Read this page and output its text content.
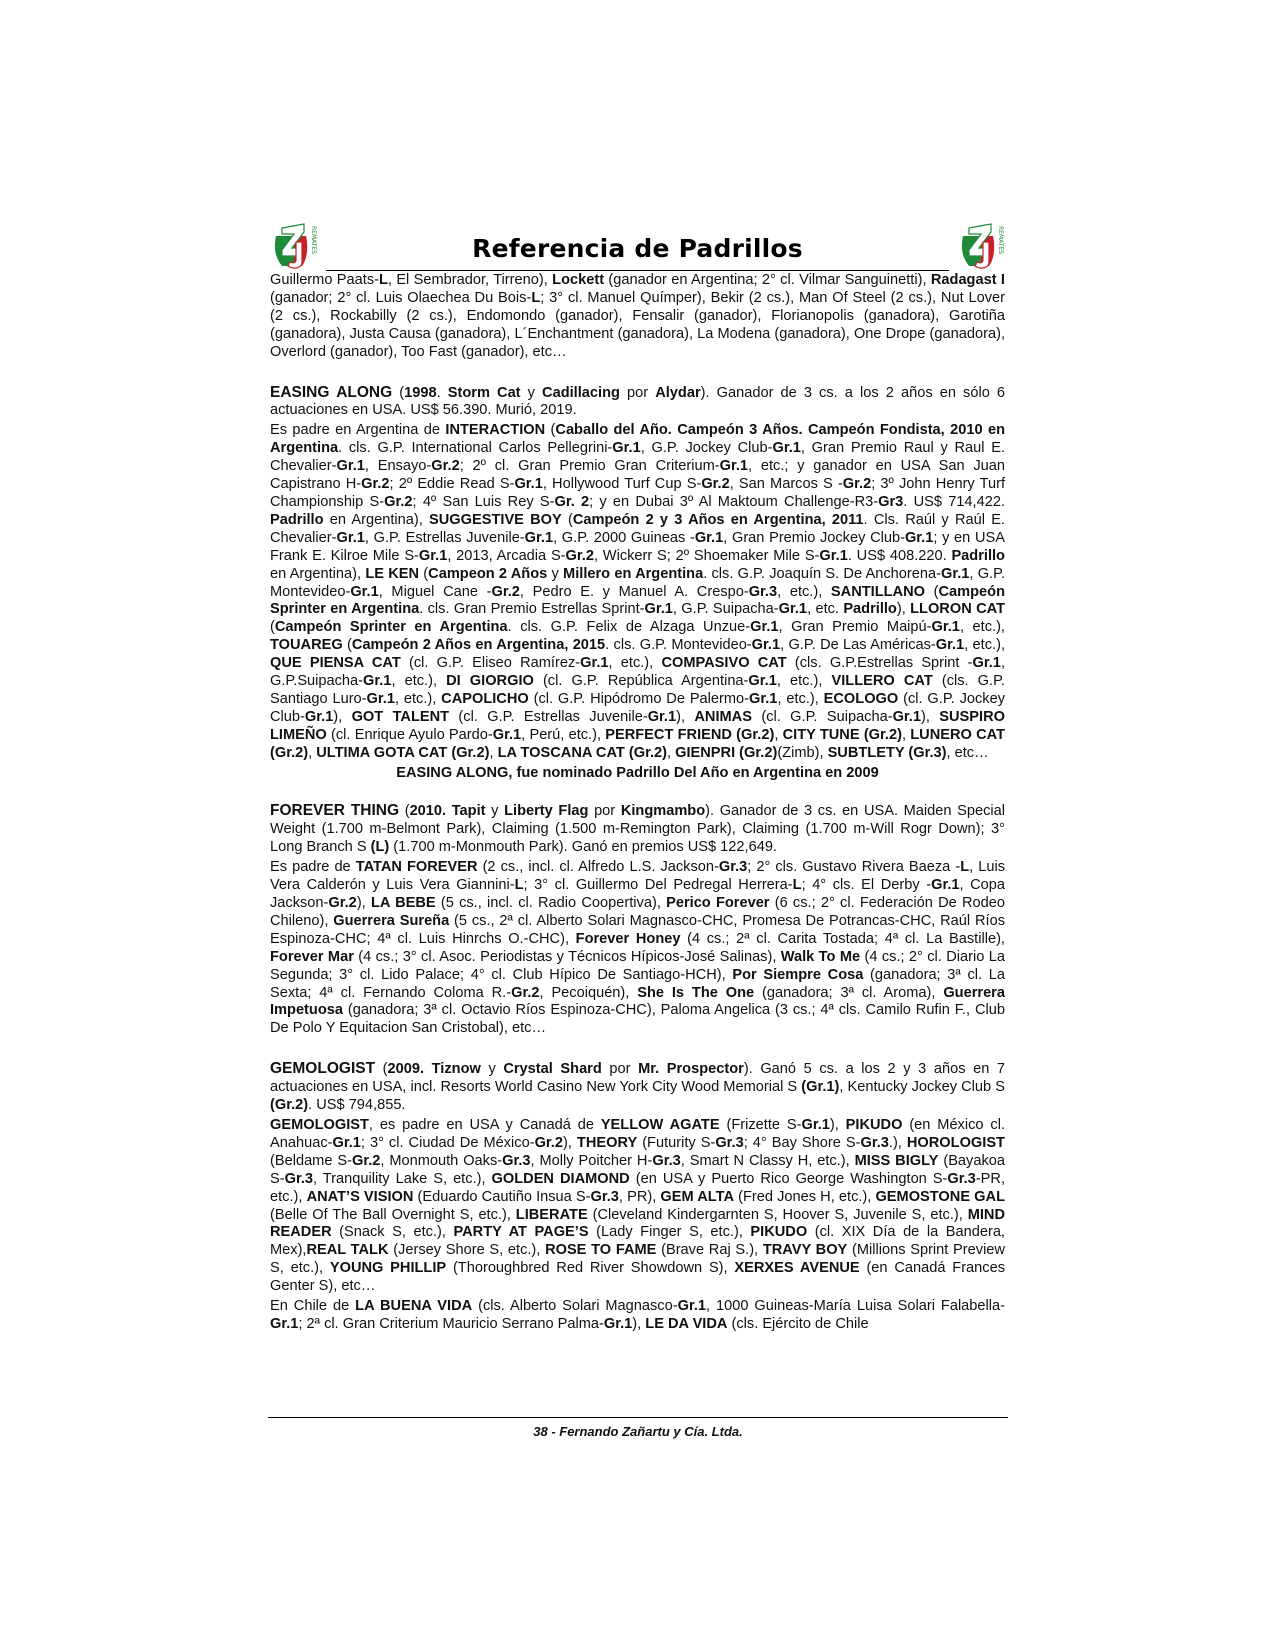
REMATES	Referencia de Padrillos	REMATES

Guillermo Paats-L, El Sembrador, Tirreno), Lockett (ganador en Argentina; 2° cl. Vilmar Sanguinetti), Radagast I (ganador; 2° cl. Luis Olaechea Du Bois-L; 3° cl. Manuel Químper), Bekir (2 cs.), Man Of Steel (2 cs.), Nut Lover (2 cs.), Rockabilly (2 cs.), Endomondo (ganador), Fensalir (ganador), Florianopolis (ganadora), Garotiña (ganadora), Justa Causa (ganadora), L´Enchantment (ganadora), La Modena (ganadora), One Drope (ganadora), Overlord (ganador), Too Fast (ganador), etc…

EASING ALONG (1998. Storm Cat y Cadillacing por Alydar). Ganador de 3 cs. a los 2 años en sólo 6 actuaciones en USA. US$ 56.390. Murió, 2019.

Es padre en Argentina de INTERACTION (Caballo del Año. Campeón 3 Años. Campeón Fondista, 2010 en Argentina. cls. G.P. International Carlos Pellegrini-Gr.1, G.P. Jockey Club-Gr.1, Gran Premio Raul y Raul E. Chevalier-Gr.1, Ensayo-Gr.2; 2º cl. Gran Premio Gran Criterium-Gr.1, etc.; y ganador en USA San Juan Capistrano H-Gr.2; 2º Eddie Read S-Gr.1, Hollywood Turf Cup S-Gr.2, San Marcos S -Gr.2; 3º John Henry Turf Championship S-Gr.2; 4º San Luis Rey S-Gr. 2; y en Dubai 3º Al Maktoum Challenge-R3-Gr3. US$ 714,422. Padrillo en Argentina), SUGGESTIVE BOY (Campeón 2 y 3 Años en Argentina, 2011. Cls. Raúl y Raúl E. Chevalier-Gr.1, G.P. Estrellas Juvenile-Gr.1, G.P. 2000 Guineas -Gr.1, Gran Premio Jockey Club-Gr.1; y en USA Frank E. Kilroe Mile S-Gr.1, 2013, Arcadia S-Gr.2, Wickerr S; 2º Shoemaker Mile S-Gr.1. US$ 408.220. Padrillo en Argentina), LE KEN (Campeon 2 Años y Millero en Argentina. cls. G.P. Joaquín S. De Anchorena-Gr.1, G.P. Montevideo-Gr.1, Miguel Cane -Gr.2, Pedro E. y Manuel A. Crespo-Gr.3, etc.), SANTILLANO (Campeón Sprinter en Argentina. cls. Gran Premio Estrellas Sprint-Gr.1, G.P. Suipacha-Gr.1, etc. Padrillo), LLORON CAT (Campeón Sprinter en Argentina. cls. G.P. Felix de Alzaga Unzue-Gr.1, Gran Premio Maipú-Gr.1, etc.), TOUAREG (Campeón 2 Años en Argentina, 2015. cls. G.P. Montevideo-Gr.1, G.P. De Las Américas-Gr.1, etc.), QUE PIENSA CAT (cl. G.P. Eliseo Ramírez-Gr.1, etc.), COMPASIVO CAT (cls. G.P.Estrellas Sprint -Gr.1, G.P.Suipacha-Gr.1, etc.), DI GIORGIO (cl. G.P. República Argentina-Gr.1, etc.), VILLERO CAT (cls. G.P. Santiago Luro-Gr.1, etc.), CAPOLICHO (cl. G.P. Hipódromo De Palermo-Gr.1, etc.), ECOLOGO (cl. G.P. Jockey Club-Gr.1), GOT TALENT (cl. G.P. Estrellas Juvenile-Gr.1), ANIMAS (cl. G.P. Suipacha-Gr.1), SUSPIRO LIMEÑO (cl. Enrique Ayulo Pardo-Gr.1, Perú, etc.), PERFECT FRIEND (Gr.2), CITY TUNE (Gr.2), LUNERO CAT (Gr.2), ULTIMA GOTA CAT (Gr.2), LA TOSCANA CAT (Gr.2), GIENPRI (Gr.2)(Zimb), SUBTLETY (Gr.3), etc…

EASING ALONG, fue nominado Padrillo Del Año en Argentina en 2009

FOREVER THING (2010. Tapit y Liberty Flag por Kingmambo). Ganador de 3 cs. en USA. Maiden Special Weight (1.700 m-Belmont Park), Claiming (1.500 m-Remington Park), Claiming (1.700 m-Will Rogr Down); 3° Long Branch S (L) (1.700 m-Monmouth Park). Ganó en premios US$ 122,649.

Es padre de TATAN FOREVER (2 cs., incl. cl. Alfredo L.S. Jackson-Gr.3; 2° cls. Gustavo Rivera Baeza -L, Luis Vera Calderón y Luis Vera Giannini-L; 3° cl. Guillermo Del Pedregal Herrera-L; 4° cls. El Derby -Gr.1, Copa Jackson-Gr.2), LA BEBE (5 cs., incl. cl. Radio Coopertiva), Perico Forever (6 cs.; 2° cl. Federación De Rodeo Chileno), Guerrera Sureña (5 cs., 2ª cl. Alberto Solari Magnasco-CHC, Promesa De Potrancas-CHC, Raúl Ríos Espinoza-CHC; 4ª cl. Luis Hinrchs O.-CHC), Forever Honey (4 cs.; 2ª cl. Carita Tostada; 4ª cl. La Bastille), Forever Mar (4 cs.; 3° cl. Asoc. Periodistas y Técnicos Hípicos-José Salinas), Walk To Me (4 cs.; 2° cl. Diario La Segunda; 3° cl. Lido Palace; 4° cl. Club Hípico De Santiago-HCH), Por Siempre Cosa (ganadora; 3ª cl. La Sexta; 4ª cl. Fernando Coloma R.-Gr.2, Pecoiquén), She Is The One (ganadora; 3ª cl. Aroma), Guerrera Impetuosa (ganadora; 3ª cl. Octavio Ríos Espinoza-CHC), Paloma Angelica (3 cs.; 4ª cls. Camilo Rufin F., Club De Polo Y Equitacion San Cristobal), etc…

GEMOLOGIST (2009. Tiznow y Crystal Shard por Mr. Prospector). Ganó 5 cs. a los 2 y 3 años en 7 actuaciones en USA, incl. Resorts World Casino New York City Wood Memorial S (Gr.1), Kentucky Jockey Club S (Gr.2). US$ 794,855.

GEMOLOGIST, es padre en USA y Canadá de YELLOW AGATE (Frizette S-Gr.1), PIKUDO (en México cl. Anahuac-Gr.1; 3° cl. Ciudad De México-Gr.2), THEORY (Futurity S-Gr.3; 4° Bay Shore S-Gr.3.), HOROLOGIST (Beldame S-Gr.2, Monmouth Oaks-Gr.3, Molly Poitcher H-Gr.3, Smart N Classy H, etc.), MISS BIGLY (Bayakoa S-Gr.3, Tranquility Lake S, etc.), GOLDEN DIAMOND (en USA y Puerto Rico George Washington S-Gr.3-PR, etc.), ANAT’S VISION (Eduardo Cautiño Insua S-Gr.3, PR), GEM ALTA (Fred Jones H, etc.), GEMOSTONE GAL (Belle Of The Ball Overnight S, etc.), LIBERATE (Cleveland Kindergarnten S, Hoover S, Juvenile S, etc.), MIND READER (Snack S, etc.), PARTY AT PAGE’S (Lady Finger S, etc.), PIKUDO (cl. XIX Día de la Bandera, Mex),REAL TALK (Jersey Shore S, etc.), ROSE TO FAME (Brave Raj S.), TRAVY BOY (Millions Sprint Preview S, etc.), YOUNG PHILLIP (Thoroughbred Red River Showdown S), XERXES AVENUE (en Canadá Frances Genter S), etc…

En Chile de LA BUENA VIDA (cls. Alberto Solari Magnasco-Gr.1, 1000 Guineas-María Luisa Solari Falabella-Gr.1; 2ª cl. Gran Criterium Mauricio Serrano Palma-Gr.1), LE DA VIDA (cls. Ejército de Chile

38 - Fernando Zañartu y Cía. Ltda.
